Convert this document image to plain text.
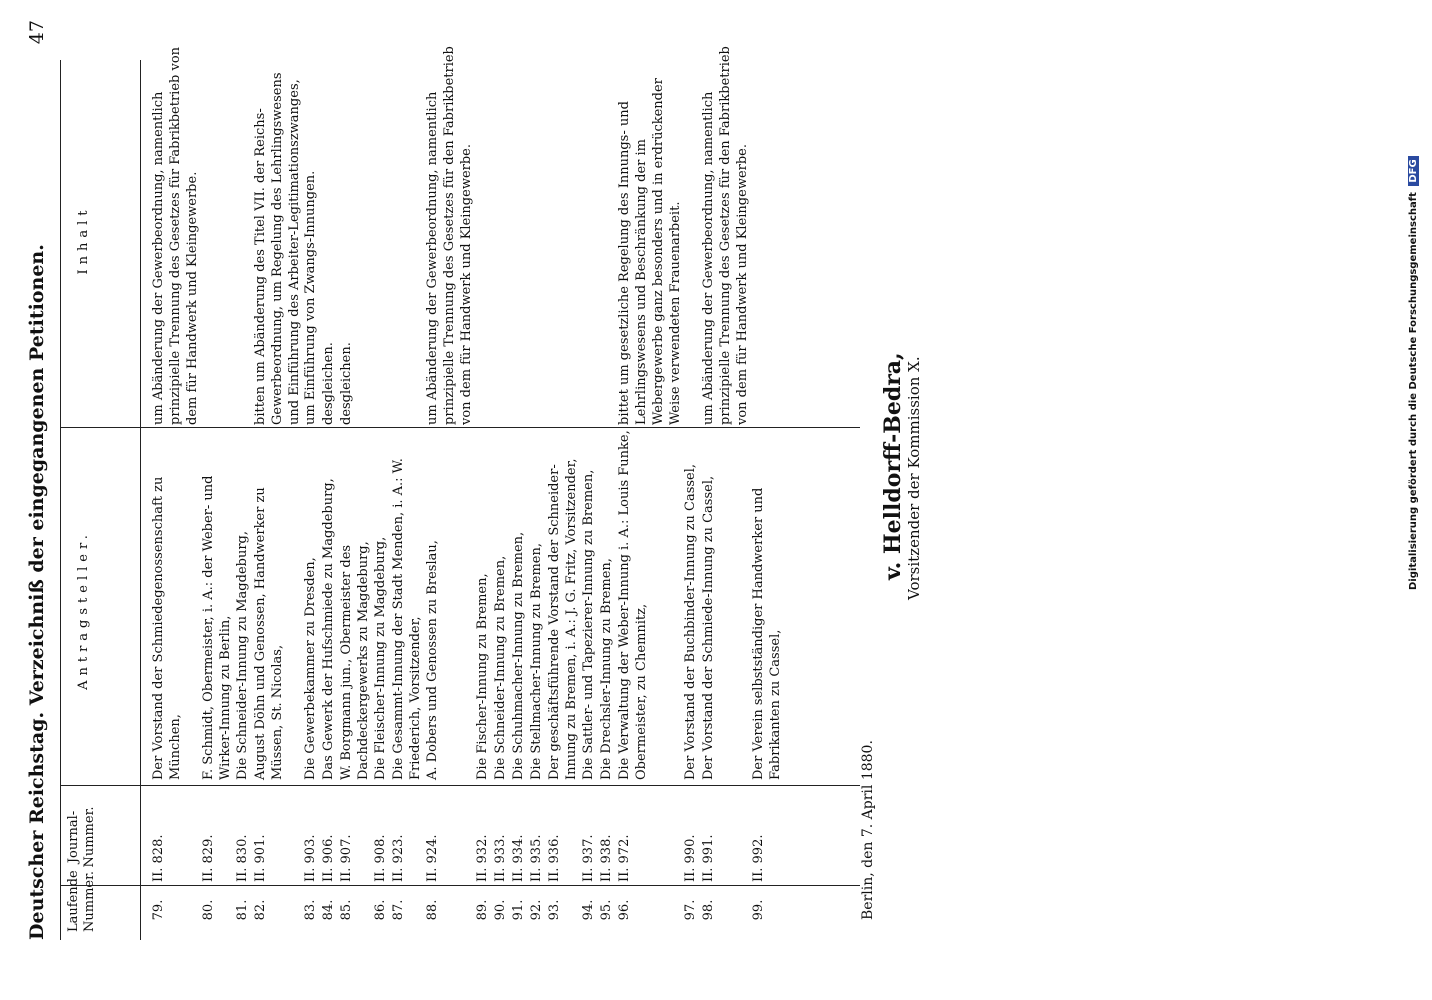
Deutscher Reichstag. Verzeichniß der eingegangenen Petitionen.
47
Laufende Nummer.
Journal-Nummer.
Antragsteller.
Inhalt
79.
II. 828.
Der Vorstand der Schmiedegenossenschaft zu München,
um Abänderung der Gewerbeordnung, namentlich prinzipielle Trennung des Gesetzes für Fabrikbetrieb von dem für Handwerk und Kleingewerbe.
80.
II. 829.
F. Schmidt, Obermeister, i. A.: der Weber- und Wirker-Innung zu Berlin,
81.
II. 830.
Die Schneider-Innung zu Magdeburg,
82.
II. 901.
August Döhn und Genossen, Handwerker zu Müssen, St. Nicolas,
bitten um Abänderung des Titel VII. der Reichs-Gewerbeordnung, um Regelung des Lehrlingswesens und Einführung des Arbeiter-Legitimationszwanges,
83.
II. 903.
Die Gewerbekammer zu Dresden,
um Einführung von Zwangs-Innungen.
84.
II. 906.
Das Gewerk der Hufschmiede zu Magdeburg,
desgleichen.
85.
II. 907.
W. Borgmann jun., Obermeister des Dachdeckergewerks zu Magdeburg,
desgleichen.
86.
II. 908.
Die Fleischer-Innung zu Magdeburg,
87.
II. 923.
Die Gesammt-Innung der Stadt Menden, i. A.: W. Friederich, Vorsitzender,
88.
II. 924.
A. Dobers und Genossen zu Breslau,
um Abänderung der Gewerbeordnung, namentlich prinzipielle Trennung des Gesetzes für den Fabrikbetrieb von dem für Handwerk und Kleingewerbe.
89.
II. 932.
Die Fischer-Innung zu Bremen,
90.
II. 933.
Die Schneider-Innung zu Bremen,
91.
II. 934.
Die Schuhmacher-Innung zu Bremen,
92.
II. 935.
Die Stellmacher-Innung zu Bremen,
93.
II. 936.
Der geschäftsführende Vorstand der Schneider-Innung zu Bremen, i. A.: J. G. Fritz, Vorsitzender,
94.
II. 937.
Die Sattler- und Tapezierer-Innung zu Bremen,
95.
II. 938.
Die Drechsler-Innung zu Bremen,
96.
II. 972.
Die Verwaltung der Weber-Innung i. A.: Louis Funke, Obermeister, zu Chemnitz,
bittet um gesetzliche Regelung des Innungs- und Lehrlingswesens und Beschränkung der im Webergewerbe ganz besonders und in erdrückender Weise verwendeten Frauenarbeit.
97.
II. 990.
Der Vorstand der Buchbinder-Innung zu Cassel,
98.
II. 991.
Der Vorstand der Schmiede-Innung zu Cassel,
um Abänderung der Gewerbeordnung, namentlich prinzipielle Trennung des Gesetzes für den Fabrikbetrieb von dem für Handwerk und Kleingewerbe.
99.
II. 992.
Der Verein selbstständiger Handwerker und Fabrikanten zu Cassel,
Berlin, den 7. April 1880.
v. Helldorff-Bedra, Vorsitzender der Kommission X.	Digitalisierung gefördert durch die Deutsche Forschungsgemeinschaft DFG
